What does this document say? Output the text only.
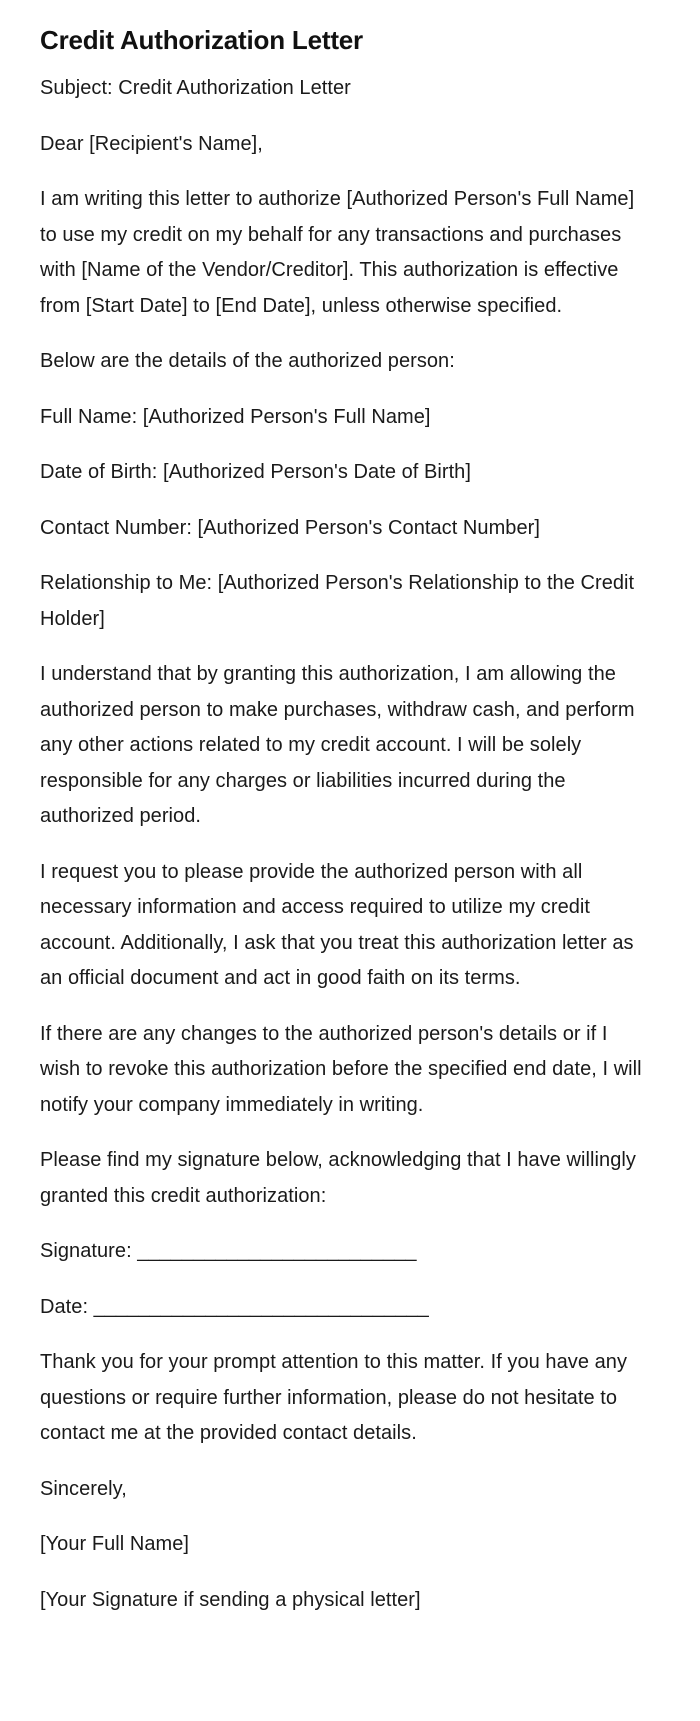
Credit Authorization Letter

Subject: Credit Authorization Letter

Dear [Recipient's Name],

I am writing this letter to authorize [Authorized Person's Full Name] to use my credit on my behalf for any transactions and purchases with [Name of the Vendor/Creditor]. This authorization is effective from [Start Date] to [End Date], unless otherwise specified.

Below are the details of the authorized person:

Full Name: [Authorized Person's Full Name]

Date of Birth: [Authorized Person's Date of Birth]

Contact Number: [Authorized Person's Contact Number]

Relationship to Me: [Authorized Person's Relationship to the Credit Holder]

I understand that by granting this authorization, I am allowing the authorized person to make purchases, withdraw cash, and perform any other actions related to my credit account. I will be solely responsible for any charges or liabilities incurred during the authorized period.

I request you to please provide the authorized person with all necessary information and access required to utilize my credit account. Additionally, I ask that you treat this authorization letter as an official document and act in good faith on its terms.

If there are any changes to the authorized person's details or if I wish to revoke this authorization before the specified end date, I will notify your company immediately in writing.

Please find my signature below, acknowledging that I have willingly granted this credit authorization:

Signature: _________________________

Date: ______________________________

Thank you for your prompt attention to this matter. If you have any questions or require further information, please do not hesitate to contact me at the provided contact details.

Sincerely,

[Your Full Name]

[Your Signature if sending a physical letter]
